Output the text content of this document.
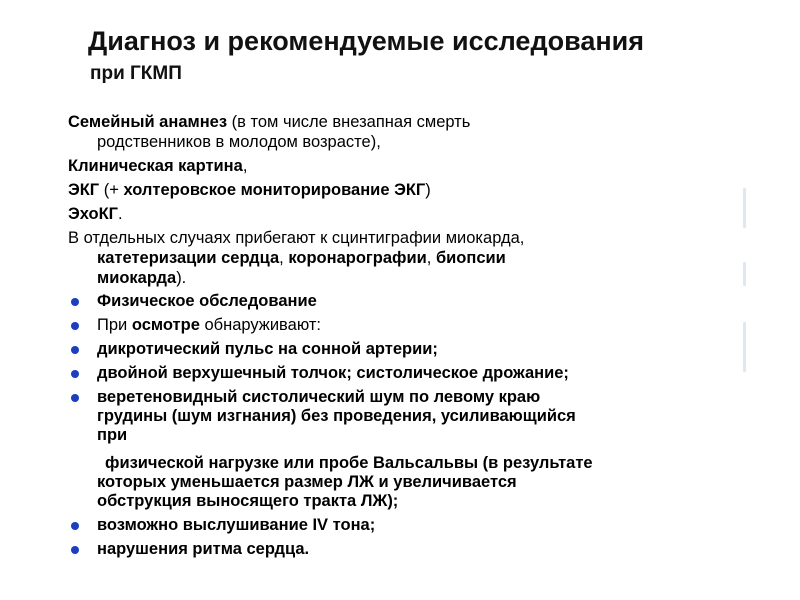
Диагноз и рекомендуемые исследования
при ГКМП
Семейный анамнез (в том числе внезапная смерть
родственников в молодом возрасте),
Клиническая картина,
ЭКГ (+ холтеровское мониторирование ЭКГ)
ЭхоКГ.
В отдельных случаях прибегают к сцинтиграфии миокарда,
катетеризации сердца, коронарографии, биопсии
миокарда).
Физическое обследование
При осмотре обнаруживают:
дикротический пульс на сонной артерии;
двойной верхушечный толчок; систолическое дрожание;
веретеновидный систолический шум по левому краю
грудины (шум изгнания) без проведения, усиливающийся
при
физической нагрузке или пробе Вальсальвы (в результате
которых уменьшается размер ЛЖ и увеличивается
обструкция выносящего тракта ЛЖ);
возможно выслушивание IV тона;
нарушения ритма сердца.
